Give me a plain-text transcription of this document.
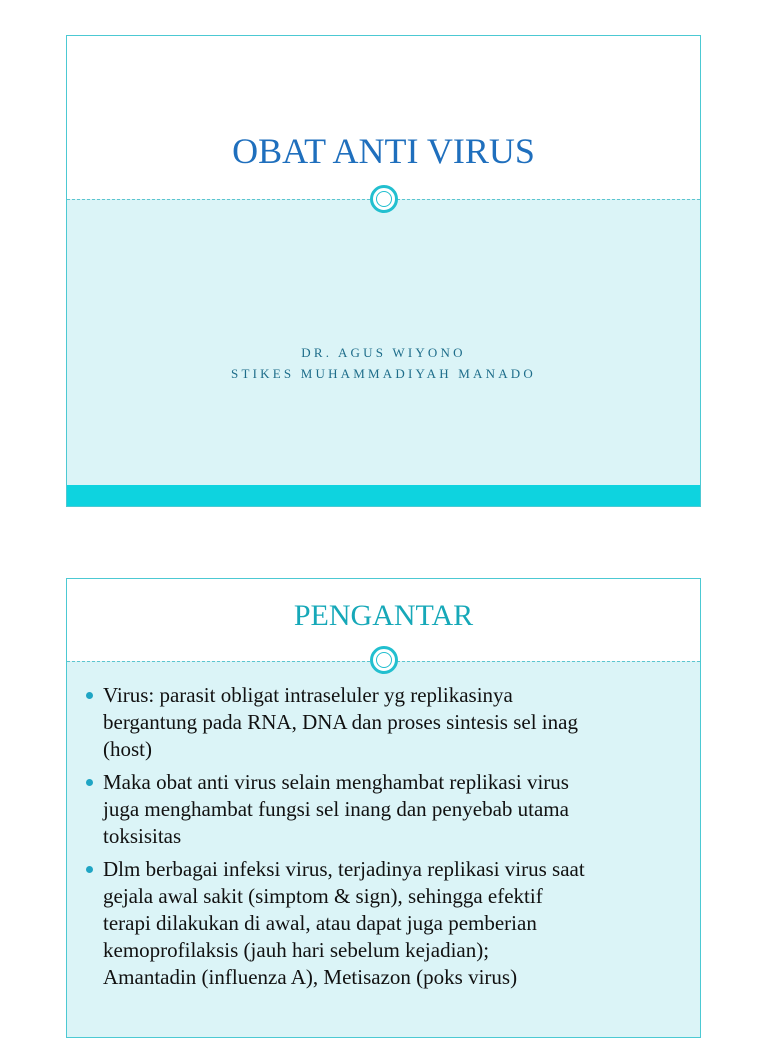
OBAT ANTI VIRUS
DR. AGUS WIYONO
STIKES MUHAMMADIYAH MANADO
PENGANTAR
Virus: parasit obligat intraseluler yg replikasinya
bergantung pada RNA, DNA dan proses sintesis sel inag
(host)
Maka obat anti virus selain menghambat replikasi virus
juga menghambat fungsi sel inang dan penyebab utama
toksisitas
Dlm berbagai infeksi virus, terjadinya replikasi virus saat
gejala awal sakit (simptom & sign), sehingga efektif
terapi dilakukan di awal, atau dapat juga pemberian
kemoprofilaksis (jauh hari sebelum kejadian);
Amantadin (influenza A), Metisazon (poks virus)
